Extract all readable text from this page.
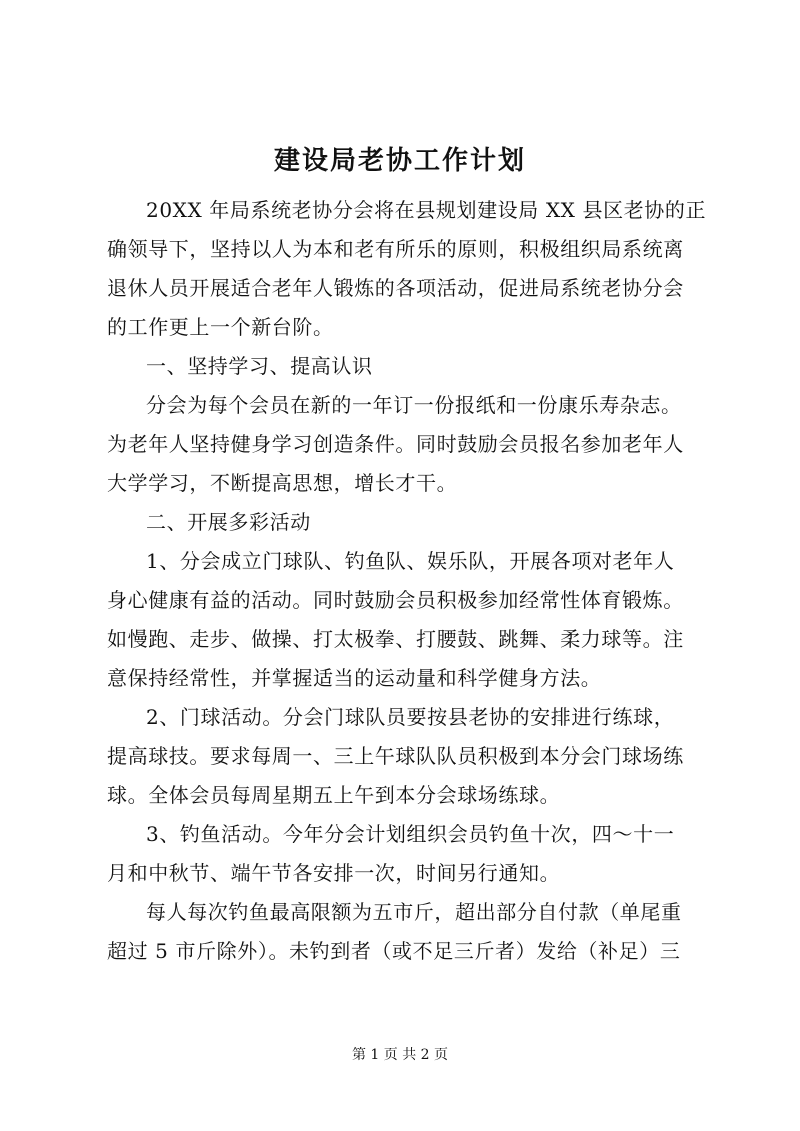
建设局老协工作计划
20XX 年局系统老协分会将在县规划建设局 XX 县区老协的正
确领导下，坚持以人为本和老有所乐的原则，积极组织局系统离
退休人员开展适合老年人锻炼的各项活动，促进局系统老协分会
的工作更上一个新台阶。
一、坚持学习、提高认识
分会为每个会员在新的一年订一份报纸和一份康乐寿杂志。
为老年人坚持健身学习创造条件。同时鼓励会员报名参加老年人
大学学习，不断提高思想，增长才干。
二、开展多彩活动
1、分会成立门球队、钓鱼队、娱乐队，开展各项对老年人
身心健康有益的活动。同时鼓励会员积极参加经常性体育锻炼。
如慢跑、走步、做操、打太极拳、打腰鼓、跳舞、柔力球等。注
意保持经常性，并掌握适当的运动量和科学健身方法。
2、门球活动。分会门球队员要按县老协的安排进行练球，
提高球技。要求每周一、三上午球队队员积极到本分会门球场练
球。全体会员每周星期五上午到本分会球场练球。
3、钓鱼活动。今年分会计划组织会员钓鱼十次，四～十一
月和中秋节、端午节各安排一次，时间另行通知。
每人每次钓鱼最高限额为五市斤，超出部分自付款（单尾重
超过 5 市斤除外）。未钓到者（或不足三斤者）发给（补足）三
第 1 页 共 2 页
